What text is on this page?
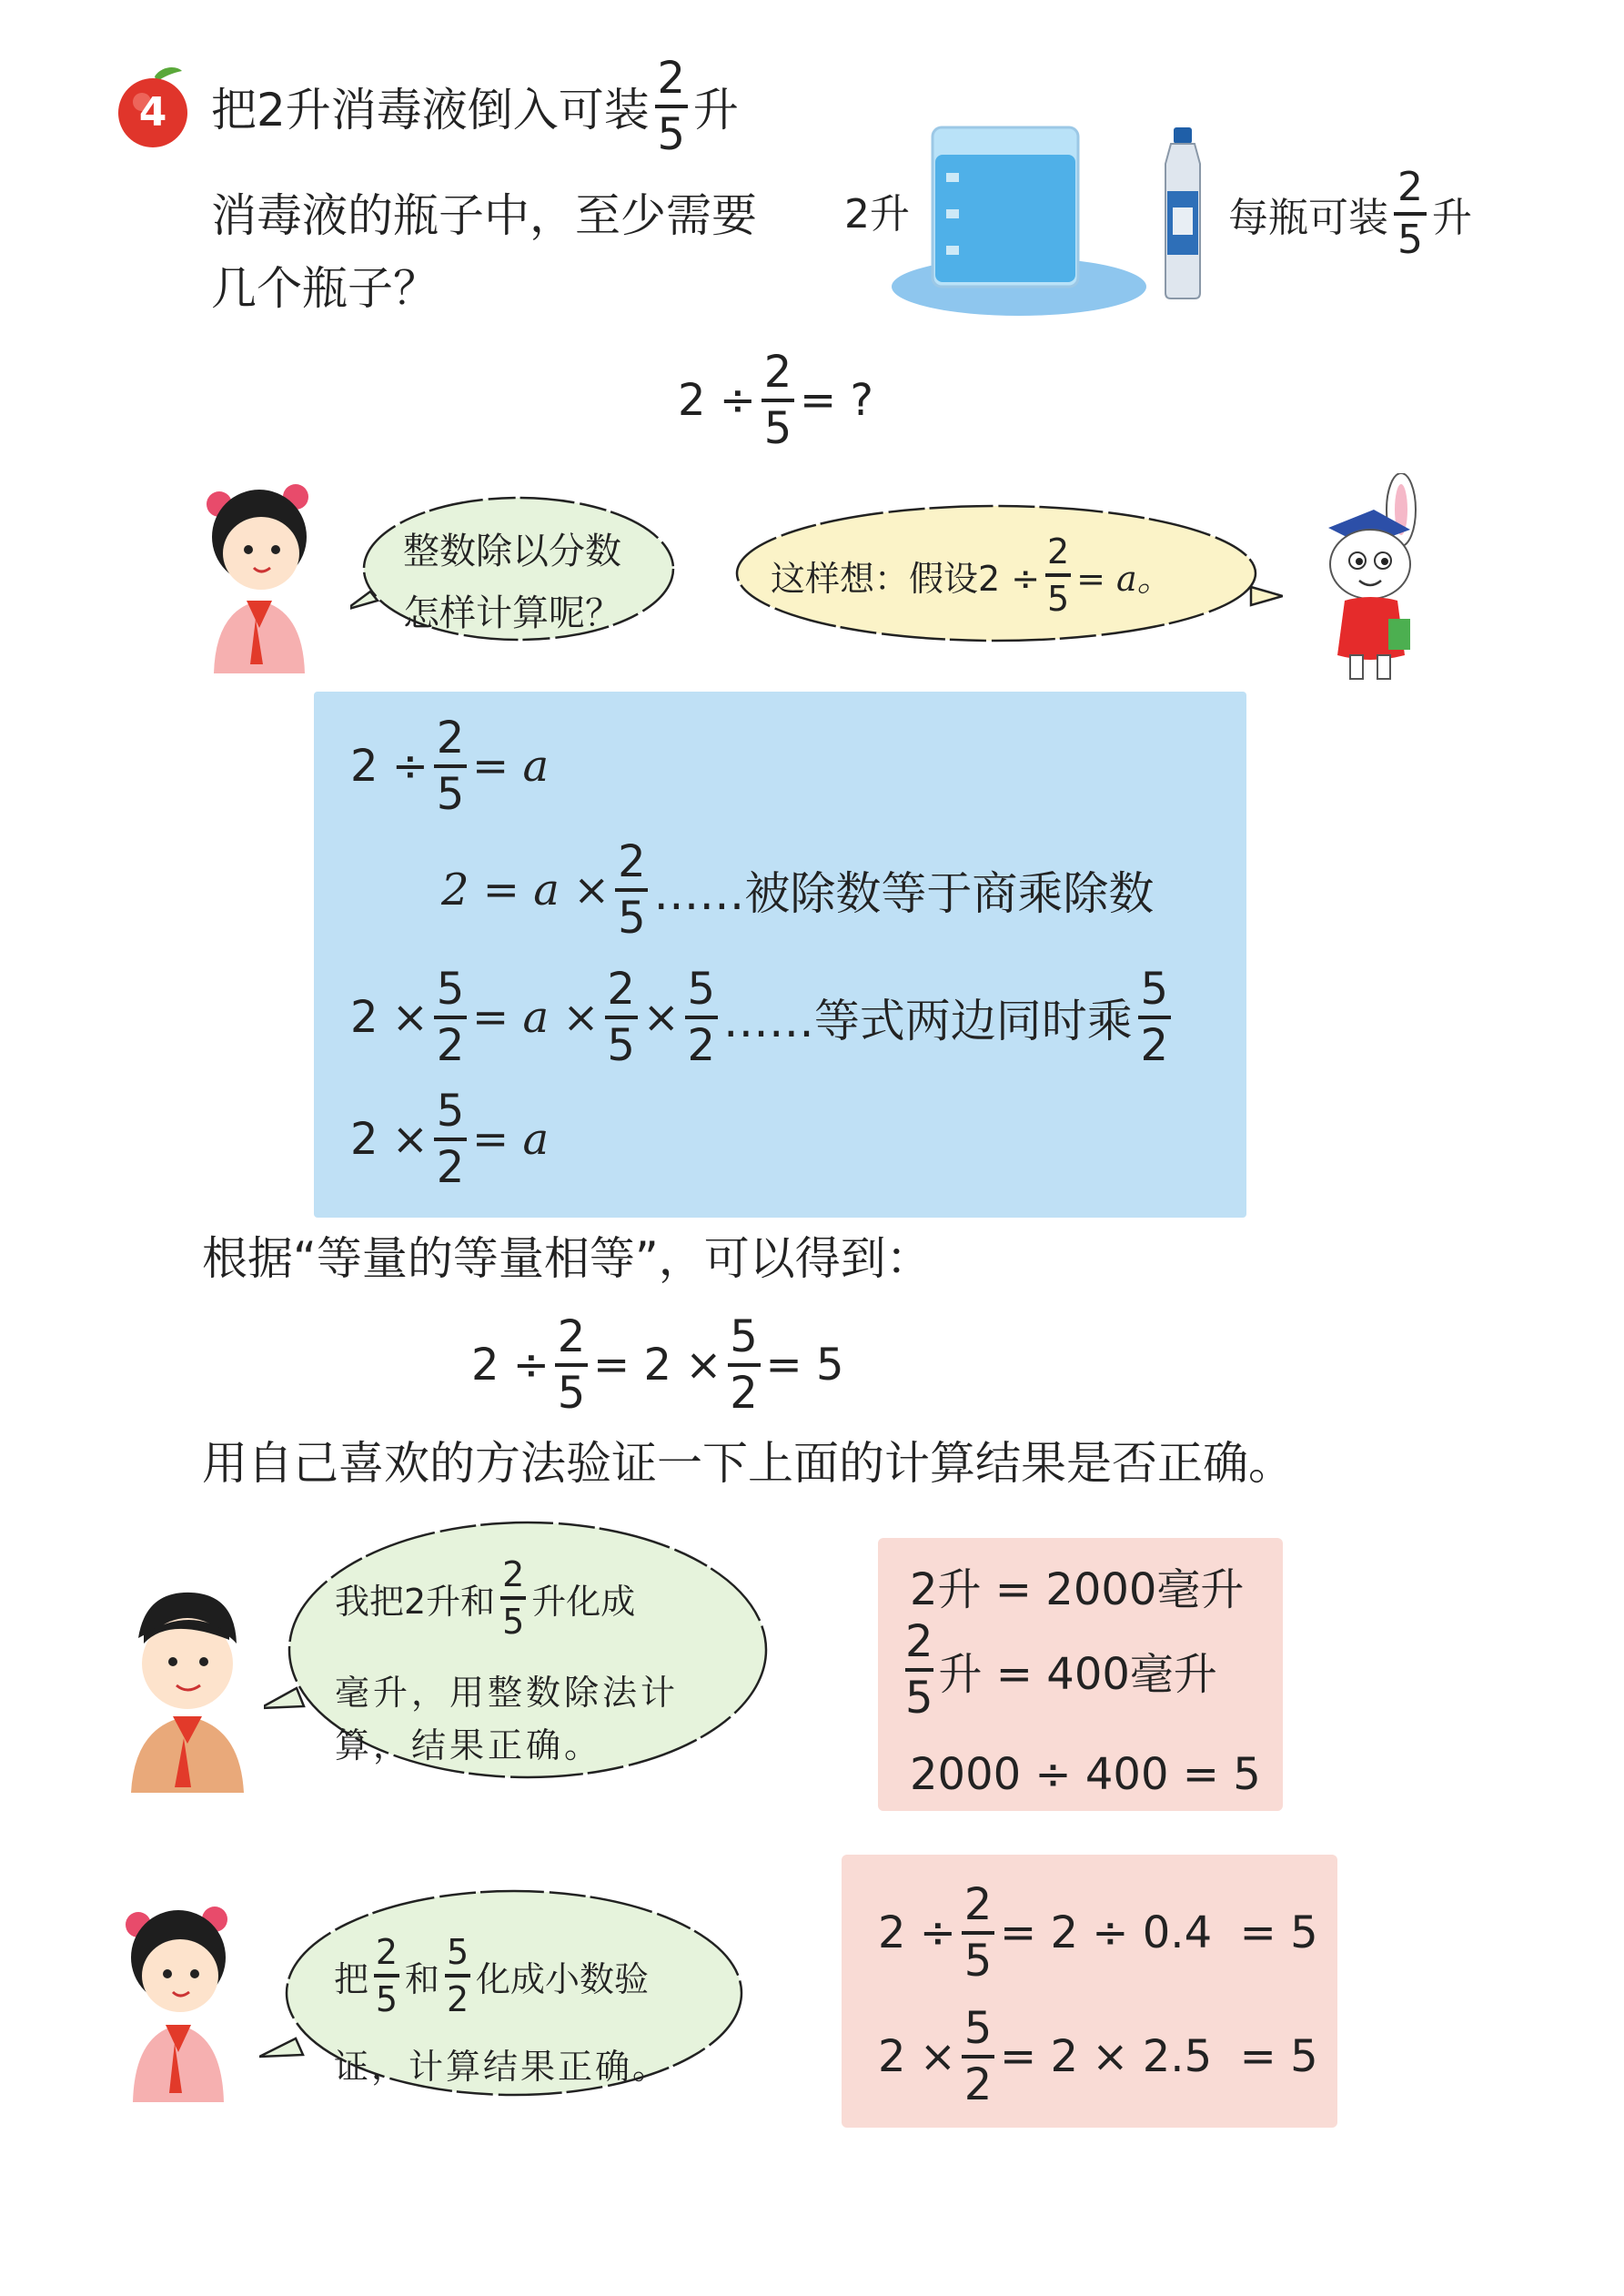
4 把2升消毒液倒入可装 $\frac{2}{5}$ 升
消毒液的瓶子中，至少需要
几个瓶子？
2升	每瓶可装 $\frac{2}{5}$ 升
$2 \div \frac{2}{5}$ = ?
整数除以分数
怎样计算呢？
这样想：假设$2 \div \frac{2}{5} = a$。
$2 \div \frac{2}{5} = a$
$2 = a \times \frac{2}{5}$ ……被除数等于商乘除数
$2 \times \frac{5}{2} = a \times \frac{2}{5} \times \frac{5}{2}$ ……等式两边同时乘 $\frac{5}{2}$
$2 \times \frac{5}{2} = a$
根据“等量的等量相等”，可以得到：
$2 \div \frac{2}{5} = 2 \times \frac{5}{2} = 5$
用自己喜欢的方法验证一下上面的计算结果是否正确。
我把2升和 $\frac{2}{5}$ 升化成
毫升，用整数除法计
算，结果正确。
2升 = 2000毫升
$\frac{2}{5}$ 升 = 400毫升
2000 ÷ 400 = 5
把 $\frac{2}{5}$ 和 $\frac{5}{2}$ 化成小数验
证，计算结果正确。
$2 \div \frac{2}{5} = 2 \div 0.4 = 5$
$2 \times \frac{5}{2} = 2 \times 2.5 = 5$
